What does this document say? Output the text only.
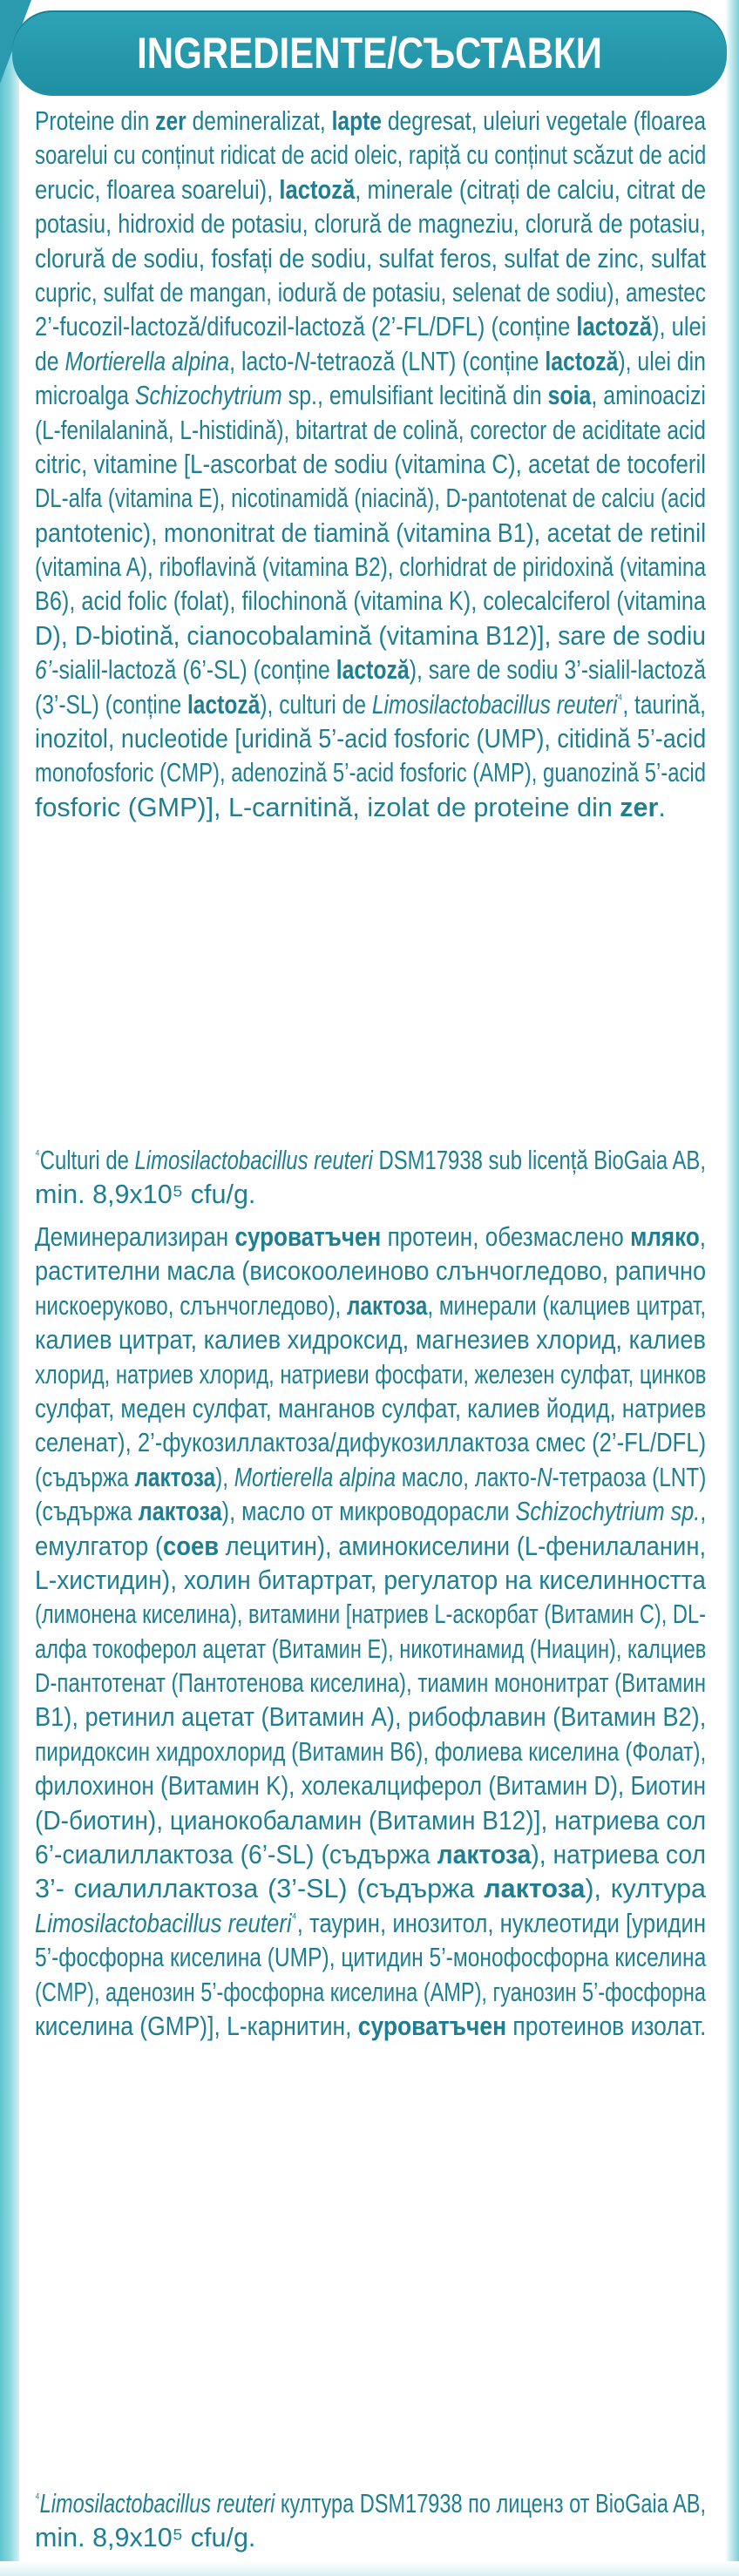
INGREDIENTE/СЪСТАВКИ
Proteine din zer demineralizat, lapte degresat, uleiuri vegetale (floarea
soarelui cu conținut ridicat de acid oleic, rapiță cu conținut scăzut de acid
erucic, floarea soarelui), lactoză, minerale (citrați de calciu, citrat de
potasiu, hidroxid de potasiu, clorură de magneziu, clorură de potasiu,
clorură de sodiu, fosfați de sodiu, sulfat feros, sulfat de zinc, sulfat
cupric, sulfat de mangan, iodură de potasiu, selenat de sodiu), amestec
2’-fucozil-lactoză/difucozil-lactoză (2’-FL/DFL) (conține lactoză), ulei
de Mortierella alpina, lacto-N-tetraoză (LNT) (conține lactoză), ulei din
microalga Schizochytrium sp., emulsifiant lecitină din soia, aminoacizi
(L-fenilalanină, L-histidină), bitartrat de colină, corector de aciditate acid
citric, vitamine [L-ascorbat de sodiu (vitamina C), acetat de tocoferil
DL-alfa (vitamina E), nicotinamidă (niacină), D-pantotenat de calciu (acid
pantotenic), mononitrat de tiamină (vitamina B1), acetat de retinil
(vitamina A), riboflavină (vitamina B2), clorhidrat de piridoxină (vitamina
B6), acid folic (folat), filochinonă (vitamina K), colecalciferol (vitamina
D), D-biotină, cianocobalamină (vitamina B12)], sare de sodiu
6’-sialil-lactoză (6’-SL) (conține lactoză), sare de sodiu 3’-sialil-lactoză
(3’-SL) (conține lactoză), culturi de Limosilactobacillus reuteri$^{^4}$, taurină,
inozitol, nucleotide [uridină 5’-acid fosforic (UMP), citidină 5’-acid
monofosforic (CMP), adenozină 5’-acid fosforic (AMP), guanozină 5’-acid
fosforic (GMP)], L-carnitină, izolat de proteine din zer.
$^{^4}$Culturi de Limosilactobacillus reuteri DSM17938 sub licență BioGaia AB,
min. 8,9x10⁵ cfu/g.
Деминерализиран суроватъчен протеин, обезмаслено мляко,
растителни масла (високоолеиново слънчогледово, рапично
нискоеруково, слънчогледово), лактоза, минерали (калциев цитрат,
калиев цитрат, калиев хидроксид, магнезиев хлорид, калиев
хлорид, натриев хлорид, натриеви фосфати, железен сулфат, цинков
сулфат, меден сулфат, манганов сулфат, калиев йодид, натриев
селенат), 2’-фукозиллактоза/дифукозиллактоза смес (2’-FL/DFL)
(съдържа лактоза), Mortierella alpina масло, лакто-N-тетраоза (LNT)
(съдържа лактоза), масло от микроводорасли Schizochytrium sp.,
емулгатор (соев лецитин), аминокиселини (L-фенилаланин,
L-хистидин), холин битартрат, регулатор на киселинността
(лимонена киселина), витамини [натриев L-аскорбат (Витамин C), DL-
алфа токоферол ацетат (Витамин E), никотинамид (Ниацин), калциев
D-пантотенат (Пантотенова киселина), тиамин мононитрат (Витамин
B1), ретинил ацетат (Витамин A), рибофлавин (Витамин B2),
пиридоксин хидрохлорид (Витамин B6), фолиева киселина (Фолат),
филохинон (Витамин K), холекалциферол (Витамин D), Биотин
(D-биотин), цианокобаламин (Витамин B12)], натриева сол
6’-сиалиллактоза (6’-SL) (съдържа лактоза), натриева сол
3’- сиалиллактоза (3’-SL) (съдържа лактоза), култура
Limosilactobacillus reuteri$^{^4}$, таурин, инозитол, нуклеотиди [уридин
5’-фосфорна киселина (UMP), цитидин 5’-монофосфорна киселина
(CMP), аденозин 5’-фосфорна киселина (AMP), гуанозин 5’-фосфорна
киселина (GMP)], L-карнитин, суроватъчен протеинов изолат.
$^{^4}$Limosilactobacillus reuteri култура DSM17938 по лиценз от BioGaia AB,
min. 8,9x10⁵ cfu/g.
